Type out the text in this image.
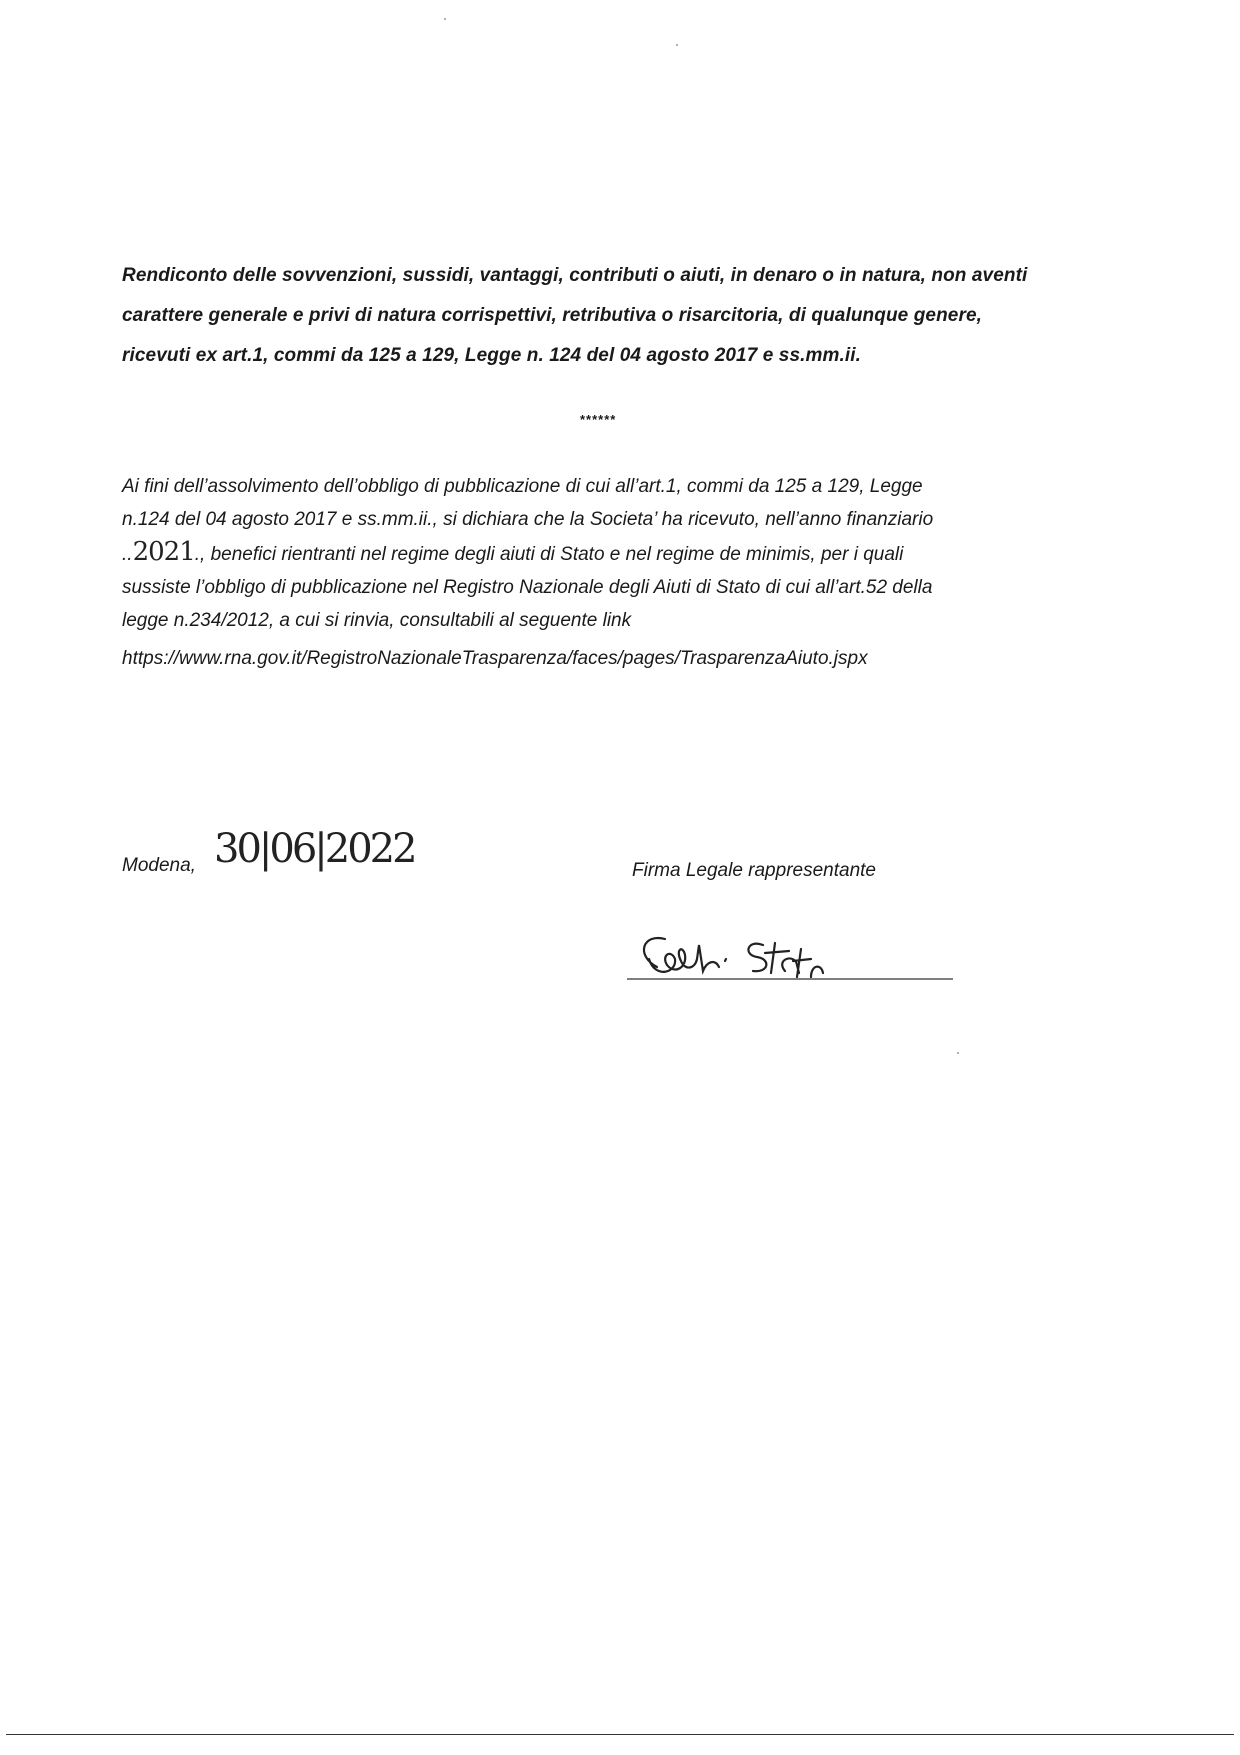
Rendiconto delle sovvenzioni, sussidi, vantaggi, contributi o aiuti, in denaro o in natura, non aventi
carattere generale e privi di natura corrispettivi, retributiva o risarcitoria, di qualunque genere,
ricevuti ex art.1, commi da 125 a 129, Legge n. 124 del 04 agosto 2017 e ss.mm.ii.
******
Ai fini dell’assolvimento dell’obbligo di pubblicazione di cui all’art.1, commi da 125 a 129, Legge
n.124 del 04 agosto 2017 e ss.mm.ii., si dichiara che la Societa’ ha ricevuto, nell’anno finanziario
..2021., benefici rientranti nel regime degli aiuti di Stato e nel regime de minimis, per i quali
sussiste l’obbligo di pubblicazione nel Registro Nazionale degli Aiuti di Stato di cui all’art.52 della
legge n.234/2012, a cui si rinvia, consultabili al seguente link
https://www.rna.gov.it/RegistroNazionaleTrasparenza/faces/pages/TrasparenzaAiuto.jspx
Modena, 30|06|2022	Firma Legale rappresentante
